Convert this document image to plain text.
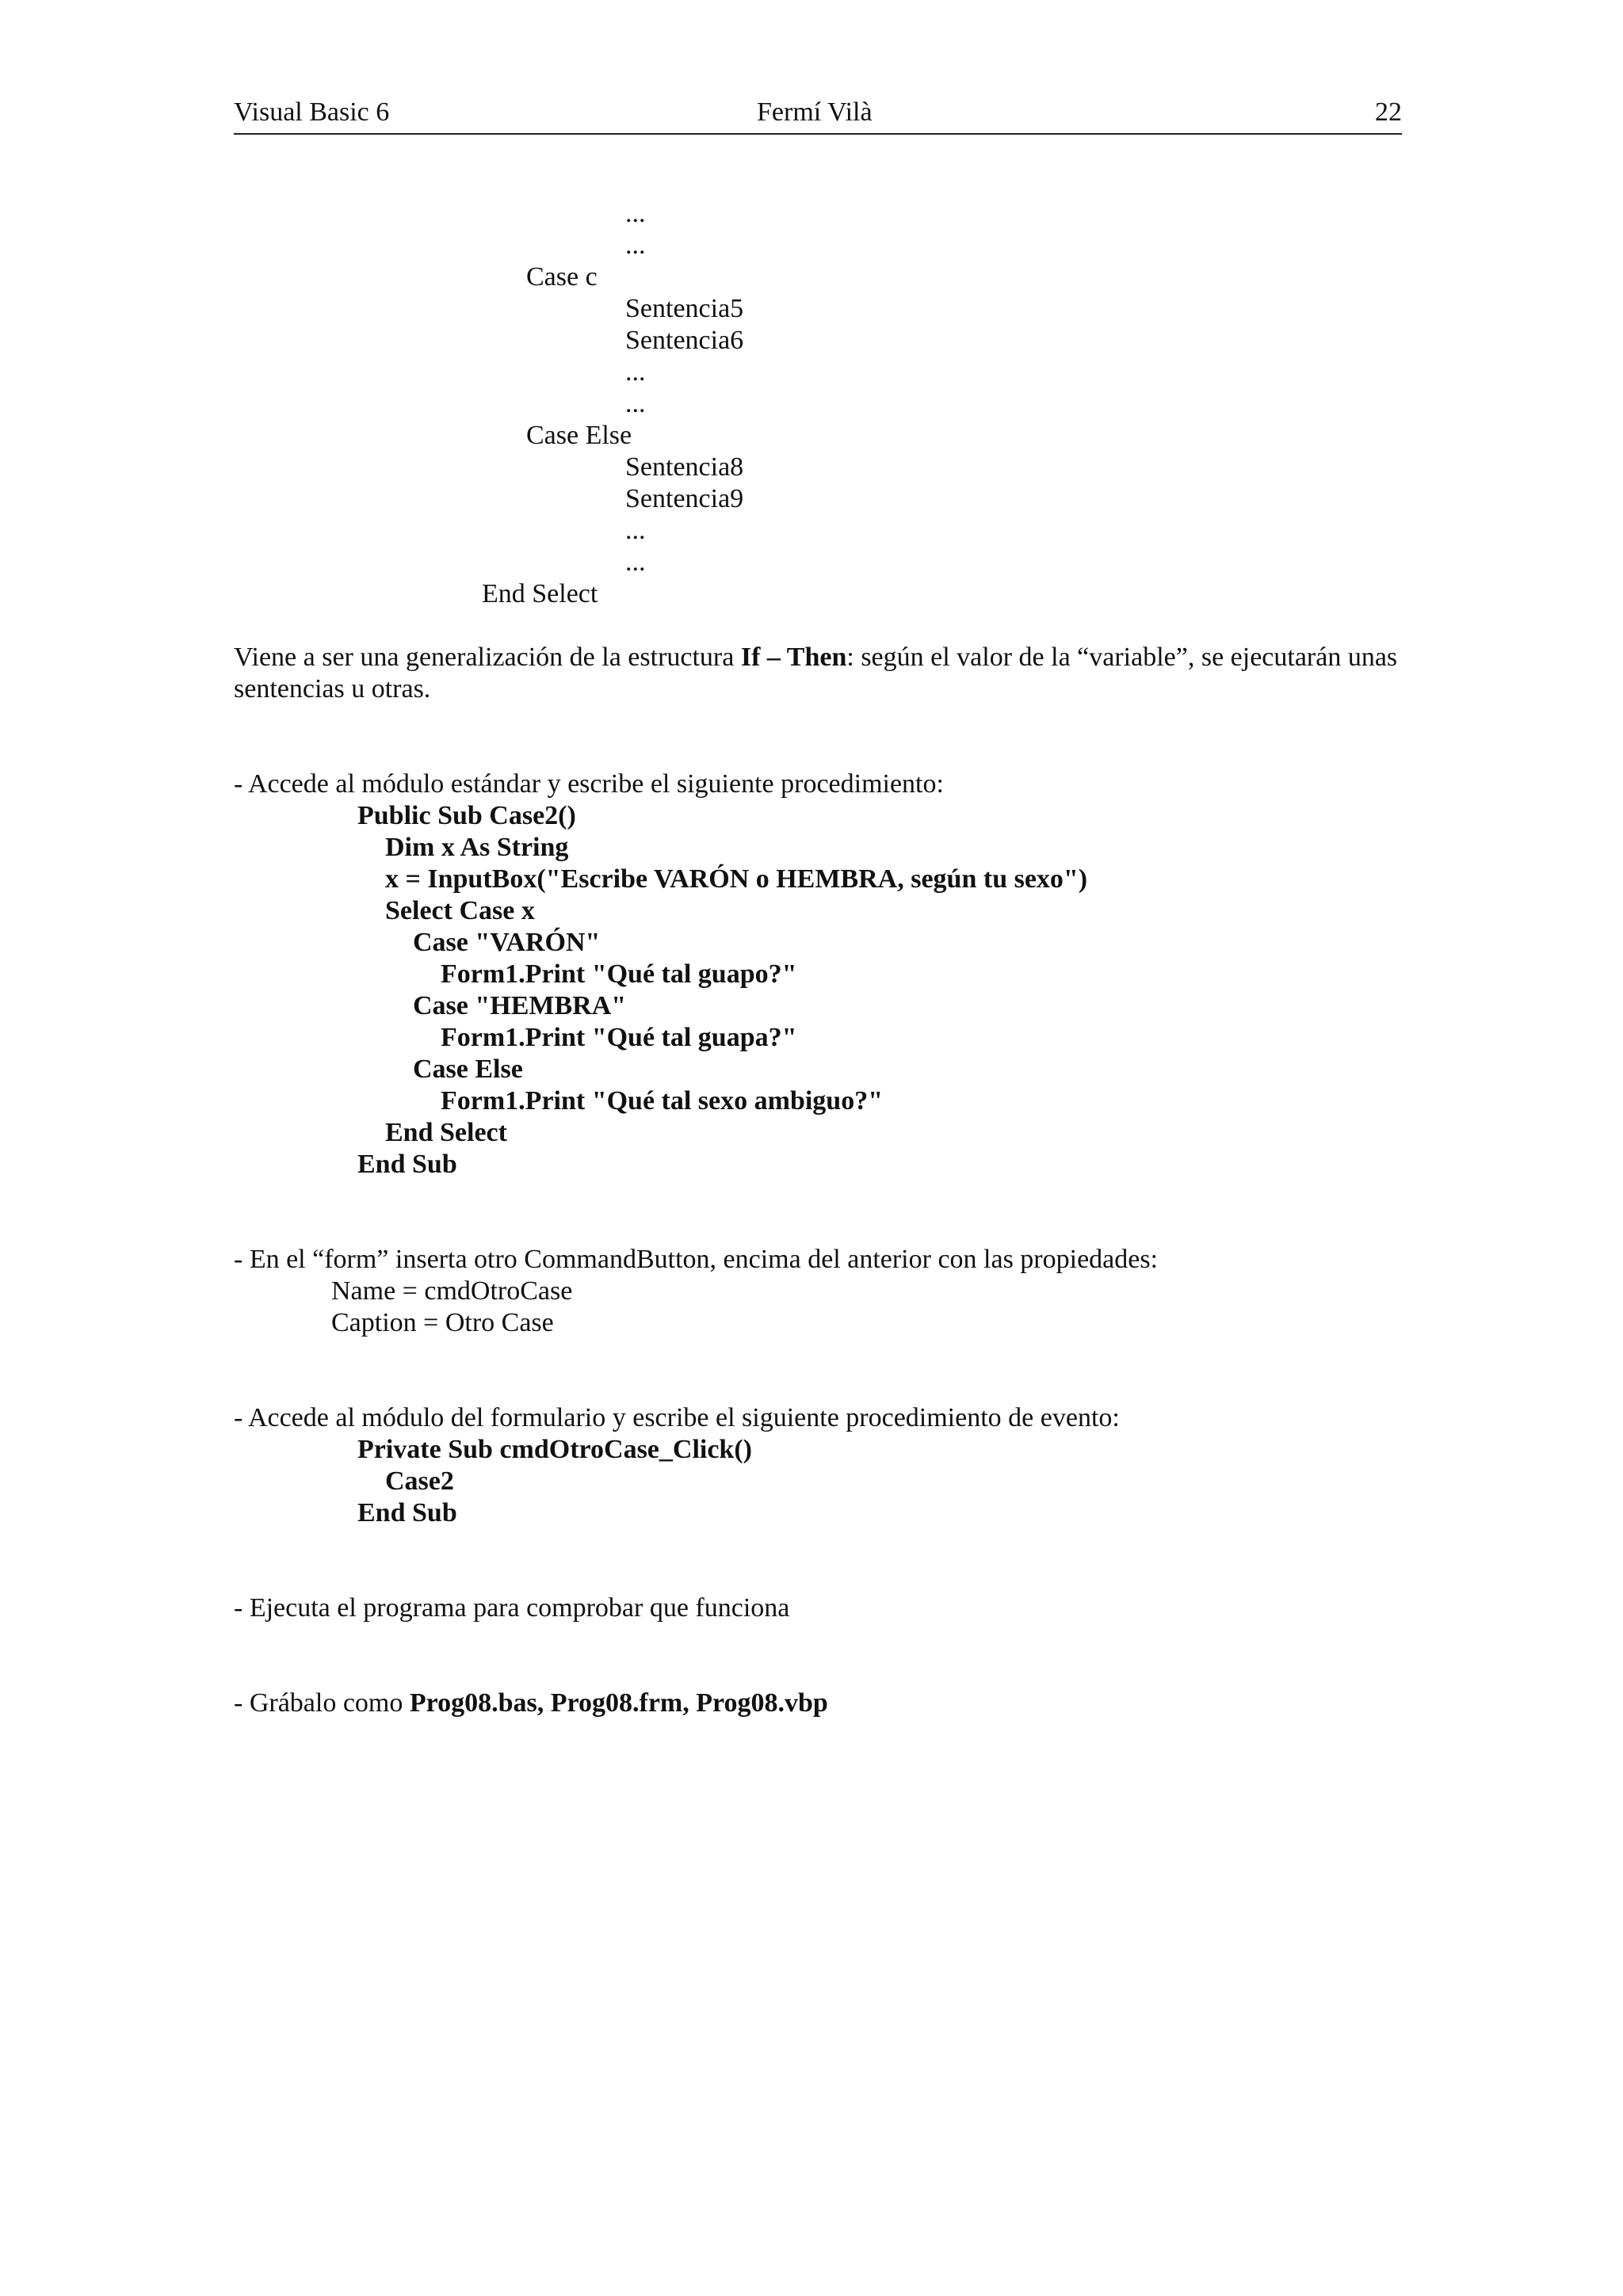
Visual Basic 6	Fermí Vilà	22
...
...
Case c
Sentencia5
Sentencia6
...
...
Case Else
Sentencia8
Sentencia9
...
...
End Select
Viene a ser una generalización de la estructura If – Then: según el valor de la “variable”, se ejecutarán unas sentencias u otras.
- Accede al módulo estándar y escribe el siguiente procedimiento:
Public Sub Case2()
Dim x As String
x = InputBox("Escribe VARÓN o HEMBRA, según tu sexo")
Select Case x
Case "VARÓN"
Form1.Print "Qué tal guapo?"
Case "HEMBRA"
Form1.Print "Qué tal guapa?"
Case Else
Form1.Print "Qué tal sexo ambiguo?"
End Select
End Sub
- En el “form” inserta otro CommandButton, encima del anterior con las propiedades:
Name = cmdOtroCase
Caption = Otro Case
- Accede al módulo del formulario y escribe el siguiente procedimiento de evento:
Private Sub cmdOtroCase_Click()
Case2
End Sub
- Ejecuta el programa para comprobar que funciona
- Grábalo como Prog08.bas, Prog08.frm, Prog08.vbp
